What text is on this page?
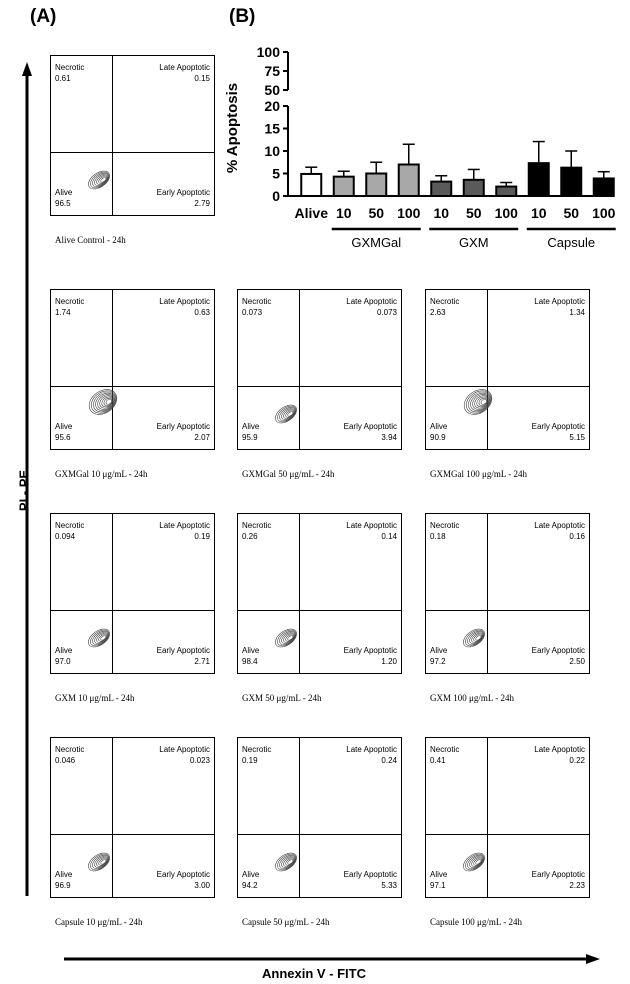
(A)	(B)
PI - PE
Annexin V - FITC
Necrotic
0.61
Late Apoptotic
0.15
Alive
96.5
Early Apoptotic
2.79
Alive Control - 24h
Necrotic
1.74
Late Apoptotic
0.63
Alive
95.6
Early Apoptotic
2.07
GXMGal 10 μg/mL - 24h
Necrotic
0.073
Late Apoptotic
0.073
Alive
95.9
Early Apoptotic
3.94
GXMGal 50 μg/mL - 24h
Necrotic
2.63
Late Apoptotic
1.34
Alive
90.9
Early Apoptotic
5.15
GXMGal 100 μg/mL - 24h
Necrotic
0.094
Late Apoptotic
0.19
Alive
97.0
Early Apoptotic
2.71
GXM 10 μg/mL - 24h
Necrotic
0.26
Late Apoptotic
0.14
Alive
98.4
Early Apoptotic
1.20
GXM 50 μg/mL - 24h
Necrotic
0.18
Late Apoptotic
0.16
Alive
97.2
Early Apoptotic
2.50
GXM 100 μg/mL - 24h
Necrotic
0.046
Late Apoptotic
0.023
Alive
96.9
Early Apoptotic
3.00
Capsule 10 μg/mL - 24h
Necrotic
0.19
Late Apoptotic
0.24
Alive
94.2
Early Apoptotic
5.33
Capsule 50 μg/mL - 24h
Necrotic
0.41
Late Apoptotic
0.22
Alive
97.1
Early Apoptotic
2.23
Capsule 100 μg/mL - 24h
50
75
100
0
5
10
15
20
% Apoptosis
Alive 10 50 100 10 50 100 10 50 100
GXMGal	GXM	Capsule
